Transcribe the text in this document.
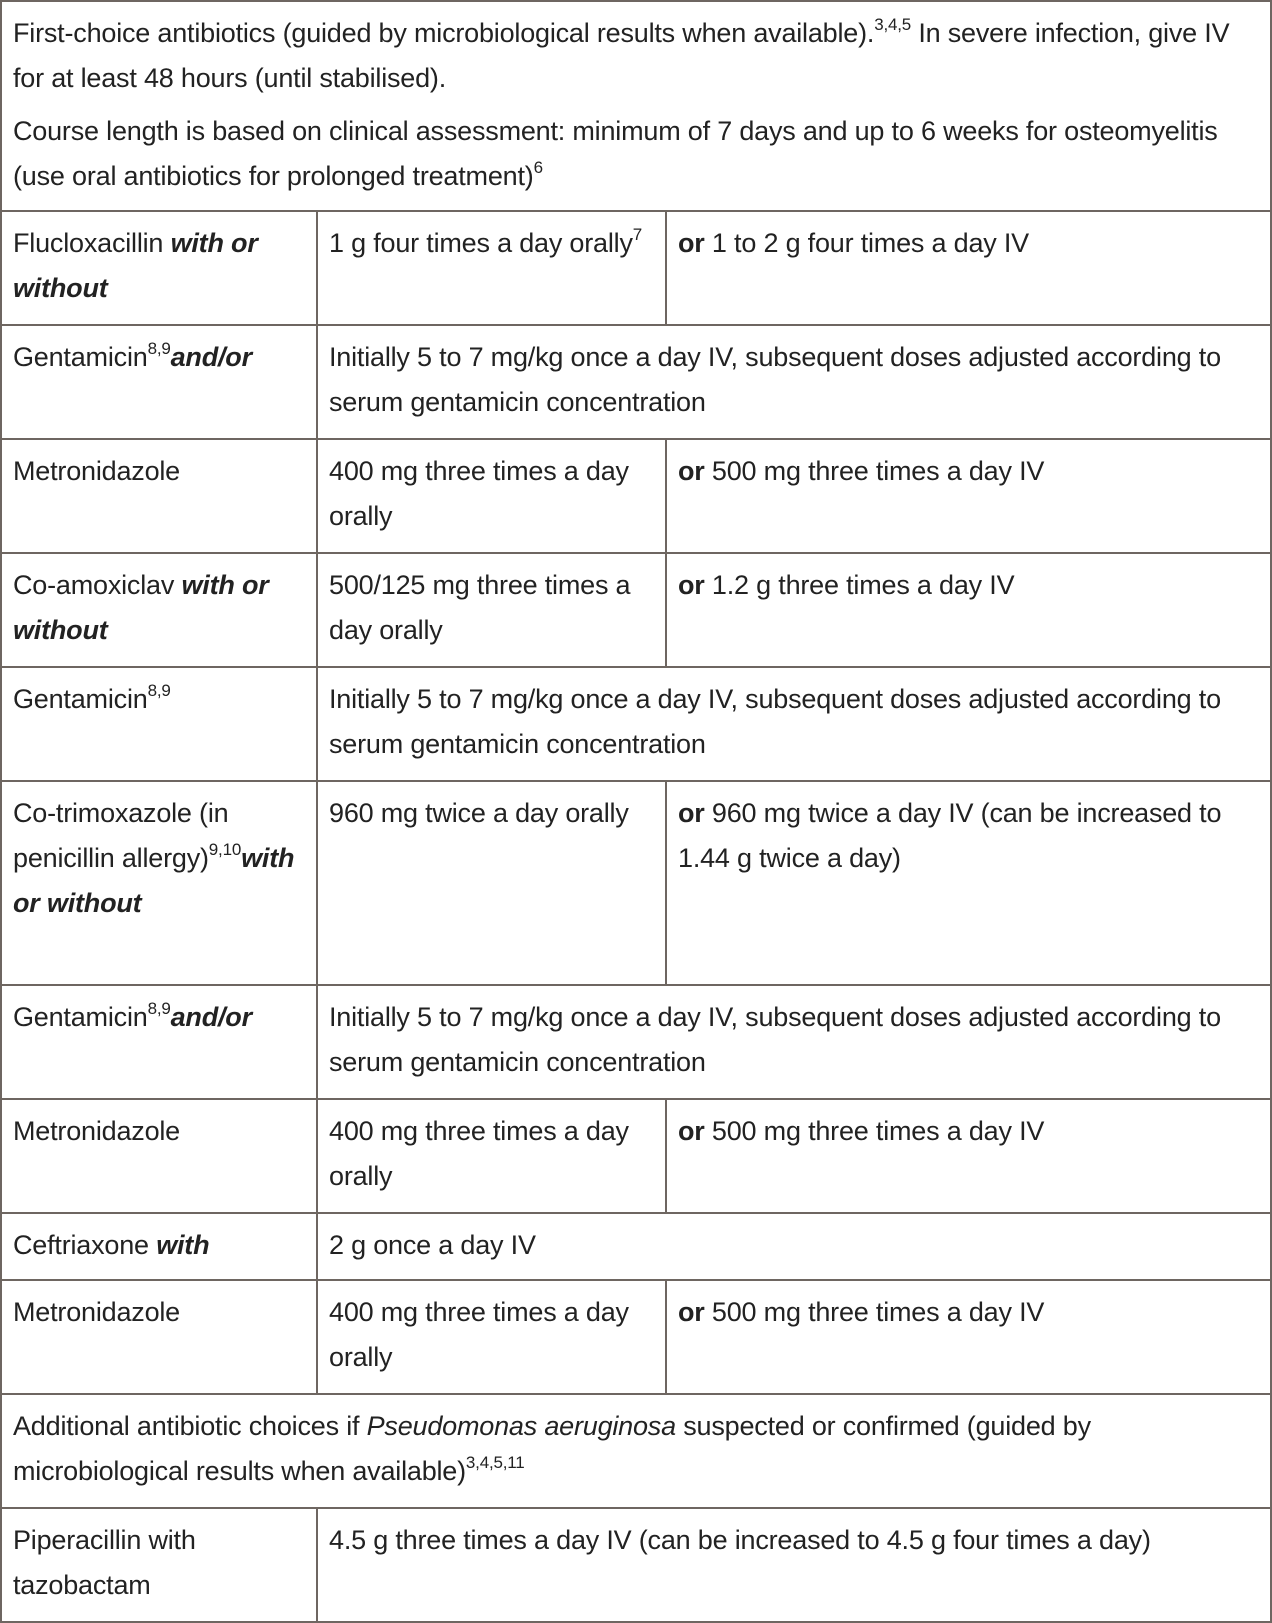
First-choice antibiotics (guided by microbiological results when available).$^{3,4,5}$ In severe infection, give IV for at least 48 hours (until stabilised).

Course length is based on clinical assessment: minimum of 7 days and up to 6 weeks for osteomyelitis (use oral antibiotics for prolonged treatment)$^6$

Flucloxacillin with or without	1 g four times a day orally$^7$	or 1 to 2 g four times a day IV
Gentamicin$^{8,9}$and/or	Initially 5 to 7 mg/kg once a day IV, subsequent doses adjusted according to serum gentamicin concentration	
Metronidazole	400 mg three times a day orally	or 500 mg three times a day IV
Co-amoxiclav with or without	500/125 mg three times a day orally	or 1.2 g three times a day IV
Gentamicin$^{8,9}$	Initially 5 to 7 mg/kg once a day IV, subsequent doses adjusted according to serum gentamicin concentration	
Co-trimoxazole (in penicillin allergy)$^{9,10}$with or without	960 mg twice a day orally	or 960 mg twice a day IV (can be increased to 1.44 g twice a day)
Gentamicin$^{8,9}$and/or	Initially 5 to 7 mg/kg once a day IV, subsequent doses adjusted according to serum gentamicin concentration	
Metronidazole	400 mg three times a day orally	or 500 mg three times a day IV
Ceftriaxone with	2 g once a day IV	
Metronidazole	400 mg three times a day orally	or 500 mg three times a day IV
Additional antibiotic choices if Pseudomonas aeruginosa suspected or confirmed (guided by microbiological results when available)$^{3,4,5,11}$
Piperacillin with tazobactam	4.5 g three times a day IV (can be increased to 4.5 g four times a day)	
